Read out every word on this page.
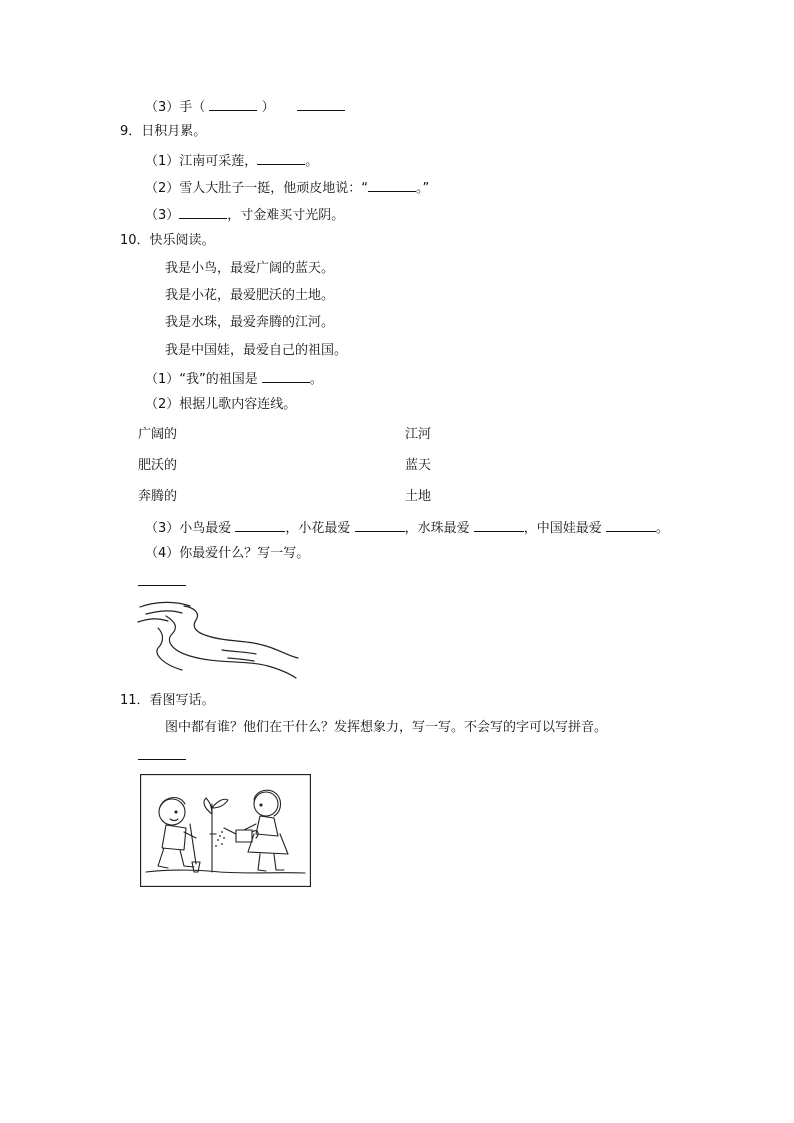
（3）手（	）
9．日积月累。
（1）江南可采莲，	。
（2）雪人大肚子一挺，他顽皮地说：“	。”
（3）	，寸金难买寸光阴。
10．快乐阅读。
我是小鸟，最爱广阔的蓝天。
我是小花，最爱肥沃的土地。
我是水珠，最爱奔腾的江河。
我是中国娃，最爱自己的祖国。
（1）“我”的祖国是	。
（2）根据儿歌内容连线。
广阔的
肥沃的
奔腾的
江河
蓝天
土地
（3）小鸟最爱	，小花最爱	，水珠最爱	，中国娃最爱	。
（4）你最爱什么？写一写。
11．看图写话。
图中都有谁？他们在干什么？发挥想象力，写一写。不会写的字可以写拼音。
